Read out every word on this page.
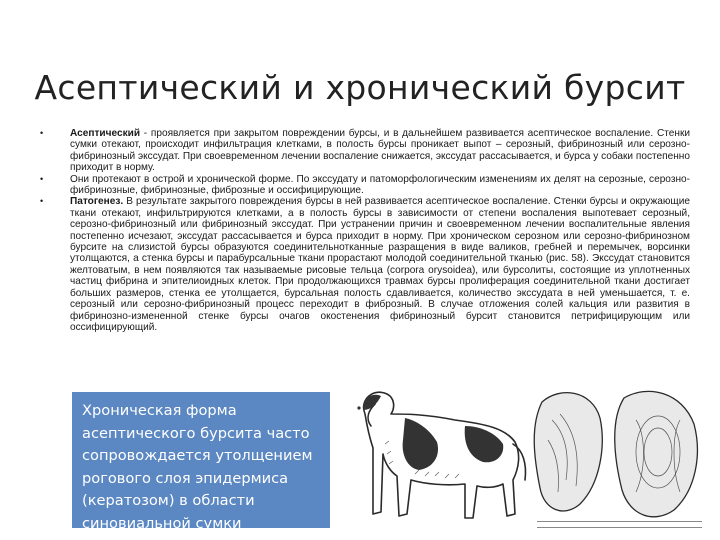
Асептический и хронический бурсит
• Асептический - проявляется при закрытом повреждении бурсы, и в дальнейшем развивается асептическое воспаление. Стенки сумки отекают, происходит инфильтрация клетками, в полость бурсы проникает выпот – серозный, фибринозный или серозно-фибринозный экссудат. При своевременном лечении воспаление снижается, экссудат рассасывается, и бурса у собаки постепенно приходит в норму.
• Они протекают в острой и хронической форме. По экссудату и патоморфологическим изменениям их делят на серозные, серозно-фибринозные, фибринозные, фиброзные и оссифицирующие.
• Патогенез. В результате закрытого повреждения бурсы в ней развивается асептическое воспаление. Стенки бурсы и окружающие ткани отекают, инфильтрируются клетками, а в полость бурсы в зависимости от степени воспаления выпотевает серозный, серозно-фибринозный или фибринозный экссудат. При устранении причин и своевременном лечении воспалительные явления постепенно исчезают, экссудат рассасывается и бурса приходит в норму. При хроническом серозном или серозно-фибринозном бурсите на слизистой бурсы образуются соединительнотканные разращения в виде валиков, гребней и перемычек, ворсинки утолщаются, а стенка бурсы и парабурсальные ткани прорастают молодой соединительной тканью (рис. 58). Экссудат становится желтоватым, в нем появляются так называемые рисовые тельца (corpora orysoidea), или бурсолиты, состоящие из уплотненных частиц фибрина и эпителиоидных клеток. При продолжающихся травмах бурсы пролиферация соединительной ткани достигает больших размеров, стенка ее утолщается, бурсальная полость сдавливается, количество экссудата в ней уменьшается, т. е. серозный или серозно-фибринозный процесс переходит в фиброзный. В случае отложения солей кальция или развития в фибринозно-измененной стенке бурсы очагов окостенения фибринозный бурсит становится петрифицирующим или оссифицирующий.
Хроническая форма
асептического бурсита часто
сопровождается утолщением
рогового слоя эпидермиса
(кератозом) в области
синовиальной сумки
